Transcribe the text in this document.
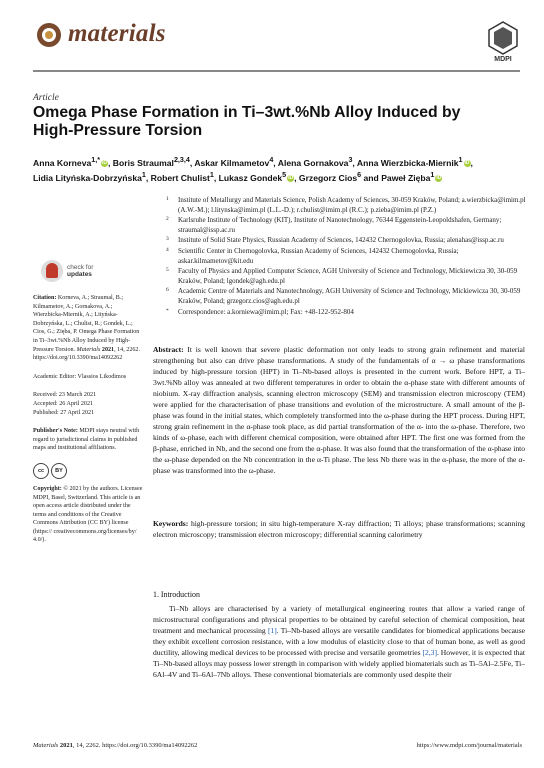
materials
MDPI
Article
Omega Phase Formation in Ti–3wt.%Nb Alloy Induced by High-Pressure Torsion
Anna Korneva$^{1,*}$ iD, Boris Straumal$^{2,3,4}$, Askar Kilmametov$^4$, Alena Gornakova$^3$, Anna Wierzbicka-Miernik$^1$ iD,
Lidia Lityńska-Dobrzyńska$^1$, Robert Chulist$^1$, Lukasz Gondek$^5$ iD, Grzegorz Cios$^6$ and Paweł Zięba$^1$ iD
1 Institute of Metallurgy and Materials Science, Polish Academy of Sciences, 30-059 Kraków, Poland; a.wierzbicka@imim.pl (A.W.-M.); l.litynska@imim.pl (L.L.-D.); r.chulist@imim.pl (R.C.); p.zieba@imim.pl (P.Z.)
2 Karlsruhe Institute of Technology (KIT), Institute of Nanotechnology, 76344 Eggenstein-Leopoldshafen, Germany; straumal@issp.ac.ru
3 Institute of Solid State Physics, Russian Academy of Sciences, 142432 Chernogolovka, Russia; alenahas@issp.ac.ru
4 Scientific Center in Chernogolovka, Russian Academy of Sciences, 142432 Chernogolovka, Russia; askar.kilmametov@kit.edu
5 Faculty of Physics and Applied Computer Science, AGH University of Science and Technology, Mickiewicza 30, 30-059 Kraków, Poland; lgondek@agh.edu.pl
6 Academic Centre of Materials and Nanotechnology, AGH University of Science and Technology, Mickiewicza 30, 30-059 Kraków, Poland; grzegorz.cios@agh.edu.pl
* Correspondence: a.korniewa@imim.pl; Fax: +48-122-952-804
check for
updates
Citation: Korneva, A.; Straumal, B.; Kilmametov, A.; Gornakova, A.; Wierzbicka-Miernik, A.; Lityńska-Dobrzyńska, L.; Chulist, R.; Gondek, L.; Cios, G.; Zięba, P. Omega Phase Formation in Ti–3wt.%Nb Alloy Induced by High-Pressure Torsion. Materials 2021, 14, 2262. https://doi.org/10.3390/ma14092262
Academic Editor: Vlassios Likodimos
Received: 23 March 2021
Accepted: 26 April 2021
Published: 27 April 2021
Publisher's Note: MDPI stays neutral with regard to jurisdictional claims in published maps and institutional affiliations.
cc	BY
Copyright: © 2021 by the authors. Licensee MDPI, Basel, Switzerland. This article is an open access article distributed under the terms and conditions of the Creative Commons Attribution (CC BY) license (https:// creativecommons.org/licenses/by/ 4.0/).
Abstract: It is well known that severe plastic deformation not only leads to strong grain refinement and material strengthening but also can drive phase transformations. A study of the fundamentals of α → ω phase transformations induced by high-pressure torsion (HPT) in Ti–Nb-based alloys is presented in the current work. Before HPT, a Ti–3wt.%Nb alloy was annealed at two different temperatures in order to obtain the α-phase state with different amounts of niobium. X-ray diffraction analysis, scanning electron microscopy (SEM) and transmission electron microscopy (TEM) were applied for the characterisation of phase transitions and evolution of the microstructure. A small amount of the β-phase was found in the initial states, which completely transformed into the ω-phase during the HPT process. During HPT, strong grain refinement in the α-phase took place, as did partial transformation of the α- into the ω-phase. Therefore, two kinds of ω-phase, each with different chemical composition, were obtained after HPT. The first one was formed from the β-phase, enriched in Nb, and the second one from the α-phase. It was also found that the transformation of the α-phase into the ω-phase depended on the Nb concentration in the α-Ti phase. The less Nb there was in the α-phase, the more of the α-phase was transformed into the ω-phase.
Keywords: high-pressure torsion; in situ high-temperature X-ray diffraction; Ti alloys; phase transformations; scanning electron microscopy; transmission electron microscopy; differential scanning calorimetry
1. Introduction
Ti–Nb alloys are characterised by a variety of metallurgical engineering routes that allow a varied range of microstructural configurations and physical properties to be obtained by careful selection of chemical composition, heat treatment and mechanical processing [1]. Ti–Nb-based alloys are versatile candidates for biomedical applications because they exhibit excellent corrosion resistance, with a low modulus of elasticity close to that of human bone, as well as good ductility, allowing medical devices to be processed with precise and versatile geometries [2,3]. However, it is expected that Ti–Nb-based alloys may possess lower strength in comparison with widely applied biomaterials such as Ti–5Al–2.5Fe, Ti–6Al–4V and Ti–6Al–7Nb alloys. These conventional biomaterials are commonly used despite their
Materials 2021, 14, 2262. https://doi.org/10.3390/ma14092262	https://www.mdpi.com/journal/materials
